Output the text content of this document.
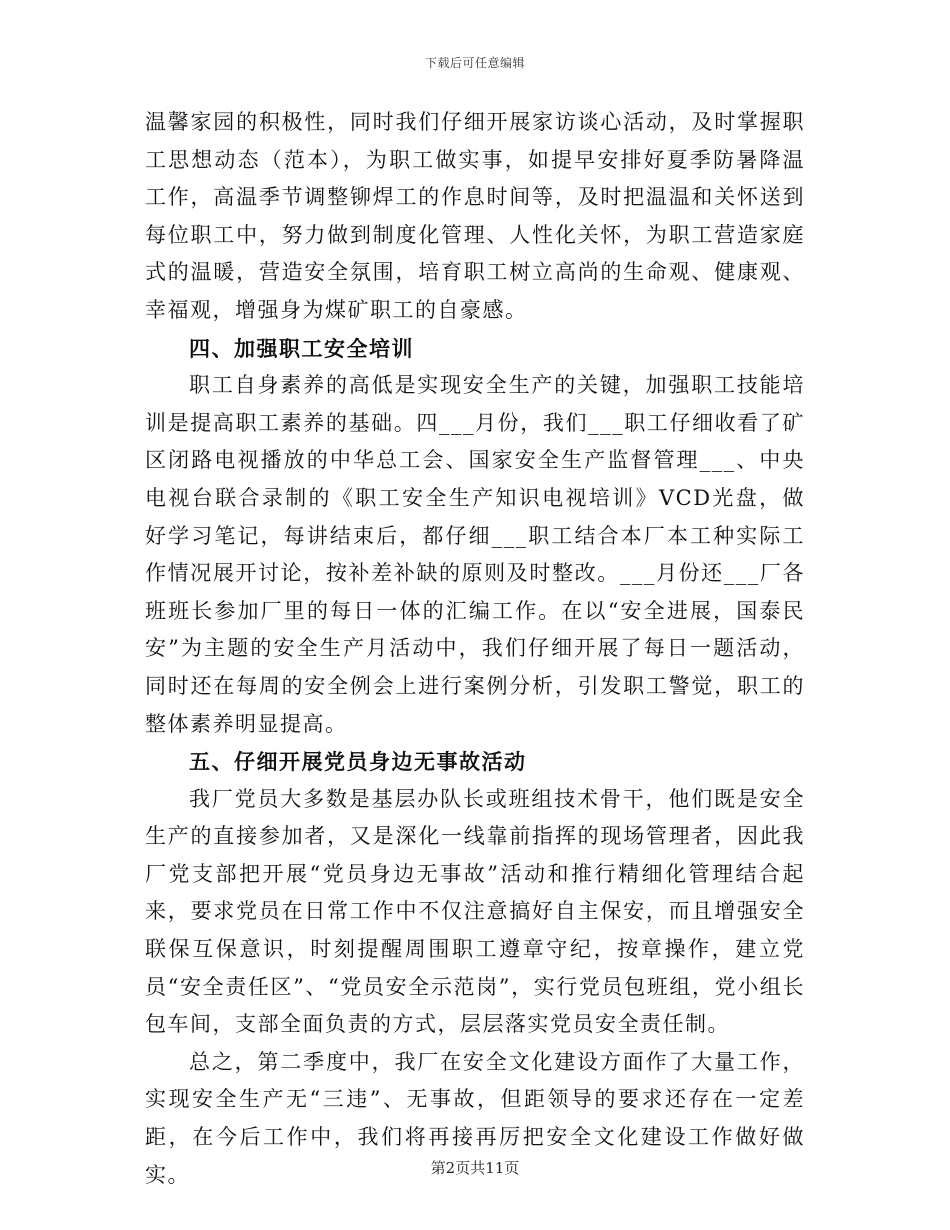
下载后可任意编辑

温馨家园的积极性，同时我们仔细开展家访谈心活动，及时掌握职工思想动态（范本），为职工做实事，如提早安排好夏季防暑降温工作，高温季节调整铆焊工的作息时间等，及时把温温和关怀送到每位职工中，努力做到制度化管理、人性化关怀，为职工营造家庭式的温暖，营造安全氛围，培育职工树立高尚的生命观、健康观、幸福观，增强身为煤矿职工的自豪感。

四、加强职工安全培训

职工自身素养的高低是实现安全生产的关键，加强职工技能培训是提高职工素养的基础。四___月份，我们___职工仔细收看了矿区闭路电视播放的中华总工会、国家安全生产监督管理___、中央电视台联合录制的《职工安全生产知识电视培训》VCD光盘，做好学习笔记，每讲结束后，都仔细___职工结合本厂本工种实际工作情况展开讨论，按补差补缺的原则及时整改。___月份还___厂各班班长参加厂里的每日一体的汇编工作。在以“安全进展，国泰民安”为主题的安全生产月活动中，我们仔细开展了每日一题活动，同时还在每周的安全例会上进行案例分析，引发职工警觉，职工的整体素养明显提高。

五、仔细开展党员身边无事故活动

我厂党员大多数是基层办队长或班组技术骨干，他们既是安全生产的直接参加者，又是深化一线靠前指挥的现场管理者，因此我厂党支部把开展“党员身边无事故”活动和推行精细化管理结合起来，要求党员在日常工作中不仅注意搞好自主保安，而且增强安全联保互保意识，时刻提醒周围职工遵章守纪，按章操作，建立党员“安全责任区”、“党员安全示范岗”，实行党员包班组，党小组长包车间，支部全面负责的方式，层层落实党员安全责任制。

总之，第二季度中，我厂在安全文化建设方面作了大量工作，实现安全生产无“三违”、无事故，但距领导的要求还存在一定差距，在今后工作中，我们将再接再厉把安全文化建设工作做好做实。	第2页共11页
